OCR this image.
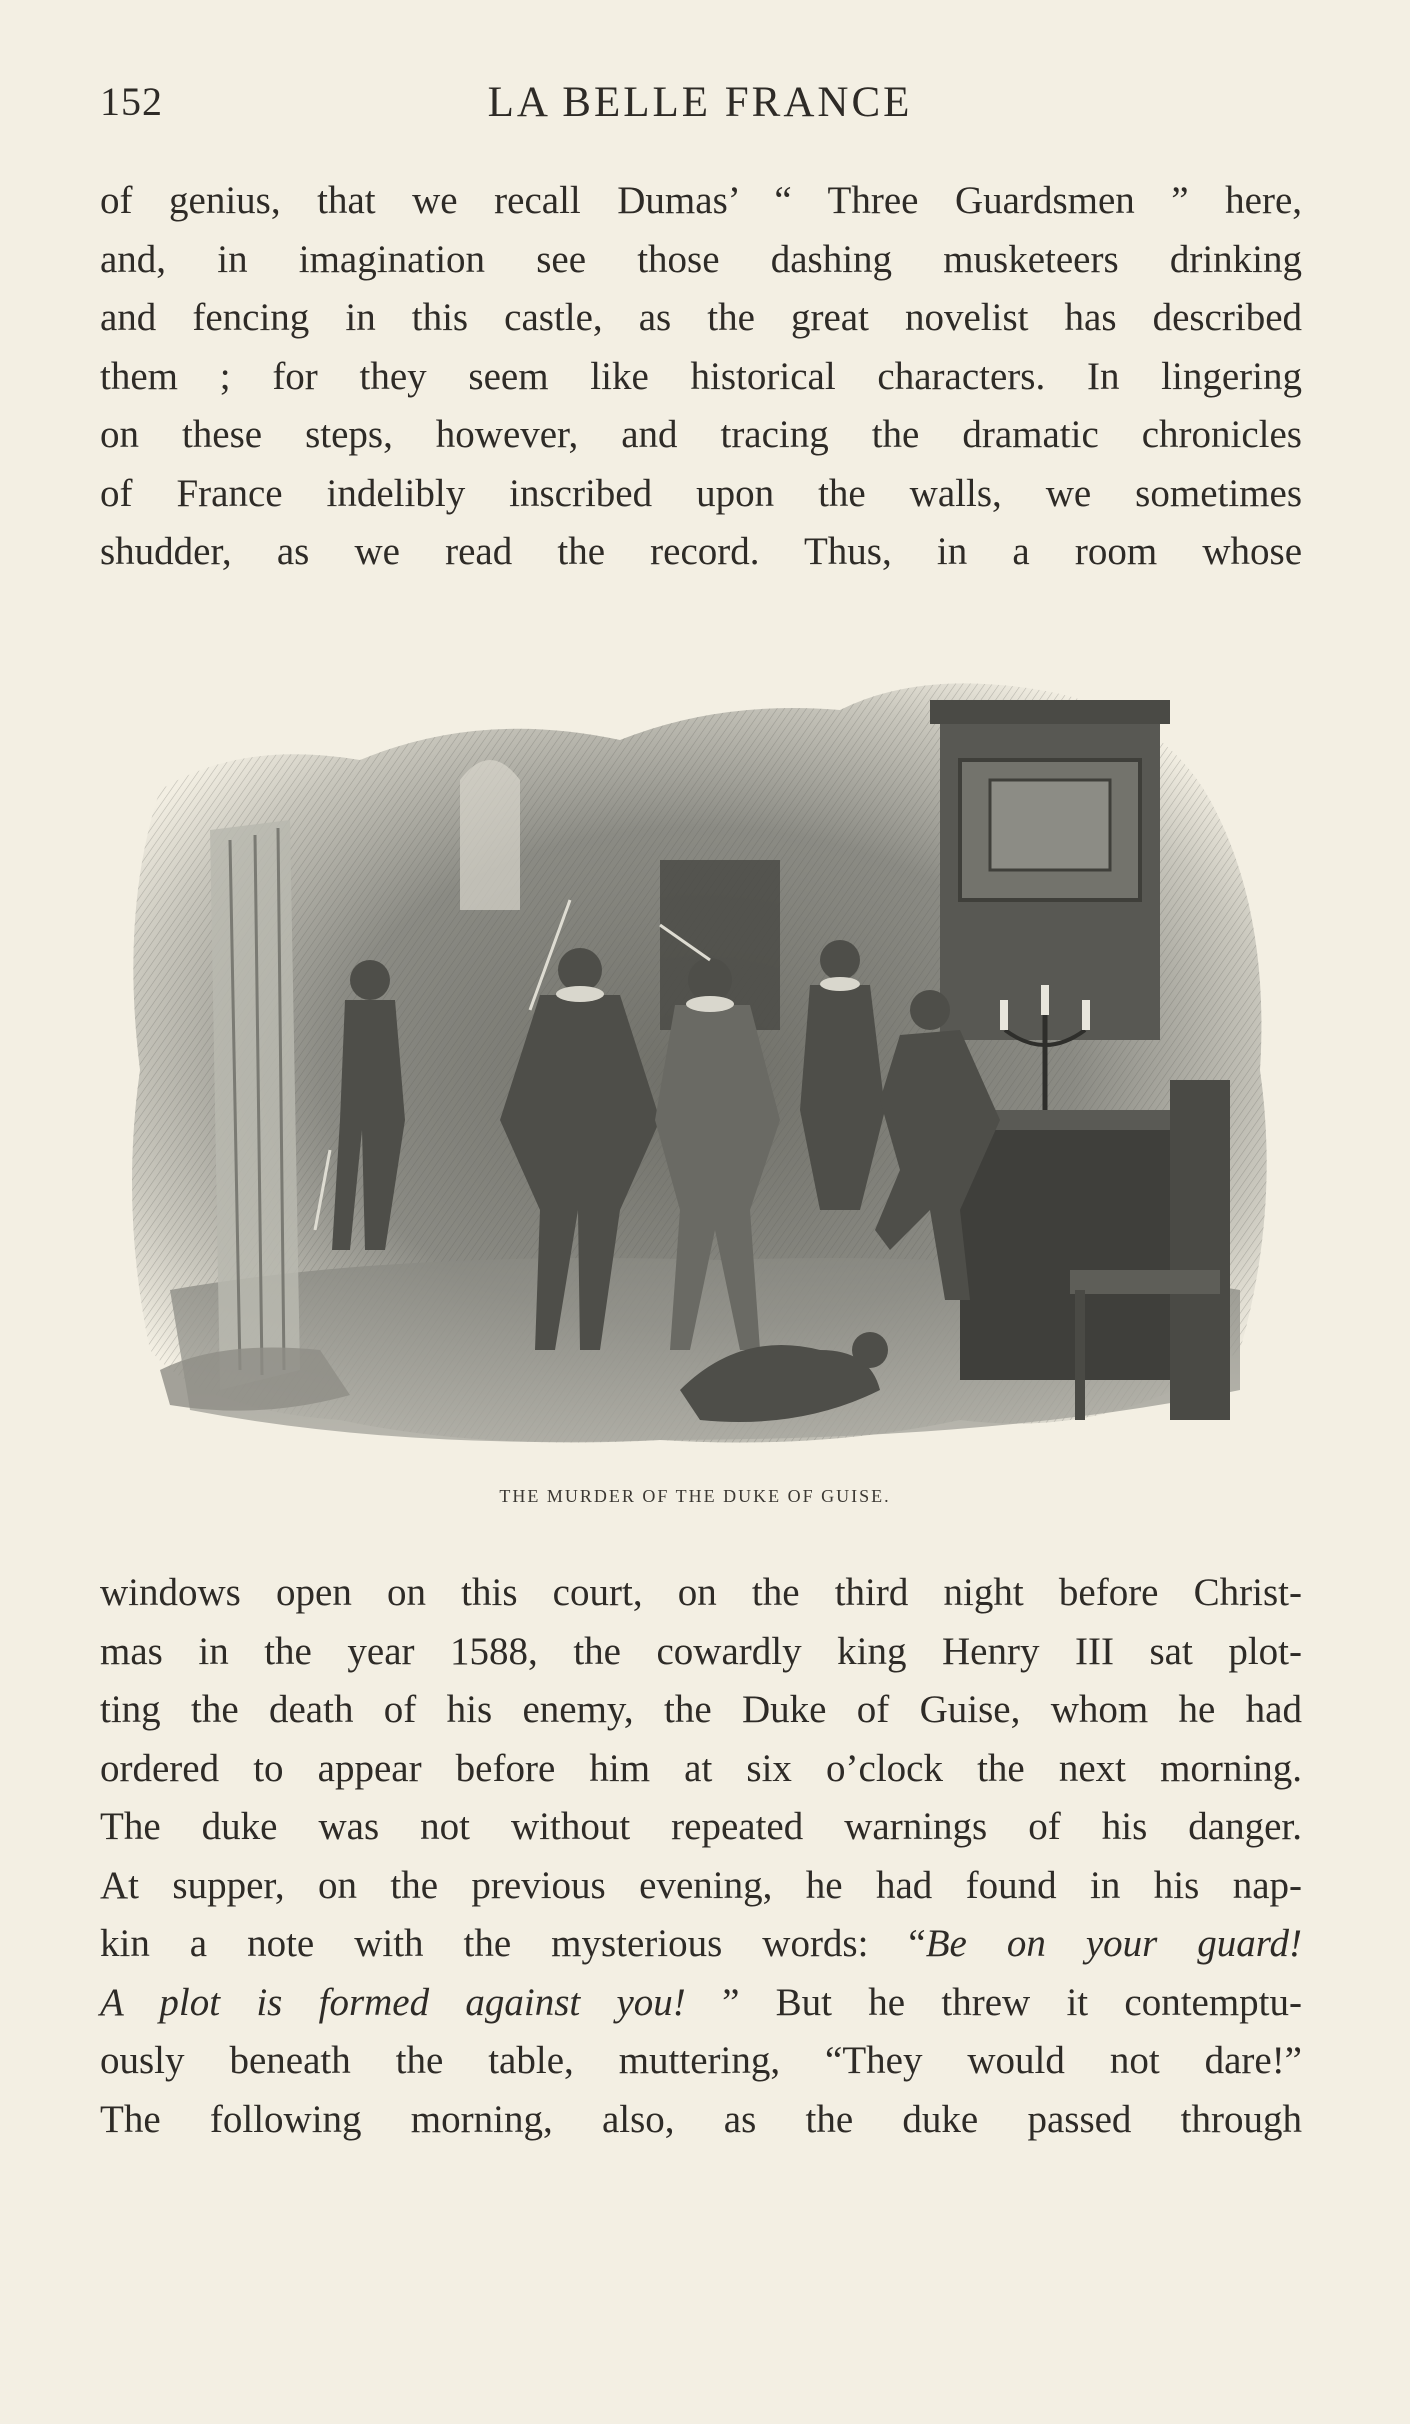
152	LA BELLE FRANCE
of genius, that we recall Dumas’ “ Three Guardsmen ” here,
and, in imagination see those dashing musketeers drinking
and fencing in this castle, as the great novelist has described
them ; for they seem like historical characters. In lingering
on these steps, however, and tracing the dramatic chronicles
of France indelibly inscribed upon the walls, we sometimes
shudder, as we read the record. Thus, in a room whose
THE MURDER OF THE DUKE OF GUISE.
windows open on this court, on the third night before Christ-
mas in the year 1588, the cowardly king Henry III sat plot-
ting the death of his enemy, the Duke of Guise, whom he had
ordered to appear before him at six o’clock the next morning.
The duke was not without repeated warnings of his danger.
At supper, on the previous evening, he had found in his nap-
kin a note with the mysterious words: “Be on your guard!
A plot is formed against you! ” But he threw it contemptu-
ously beneath the table, muttering, “They would not dare!”
The following morning, also, as the duke passed through
